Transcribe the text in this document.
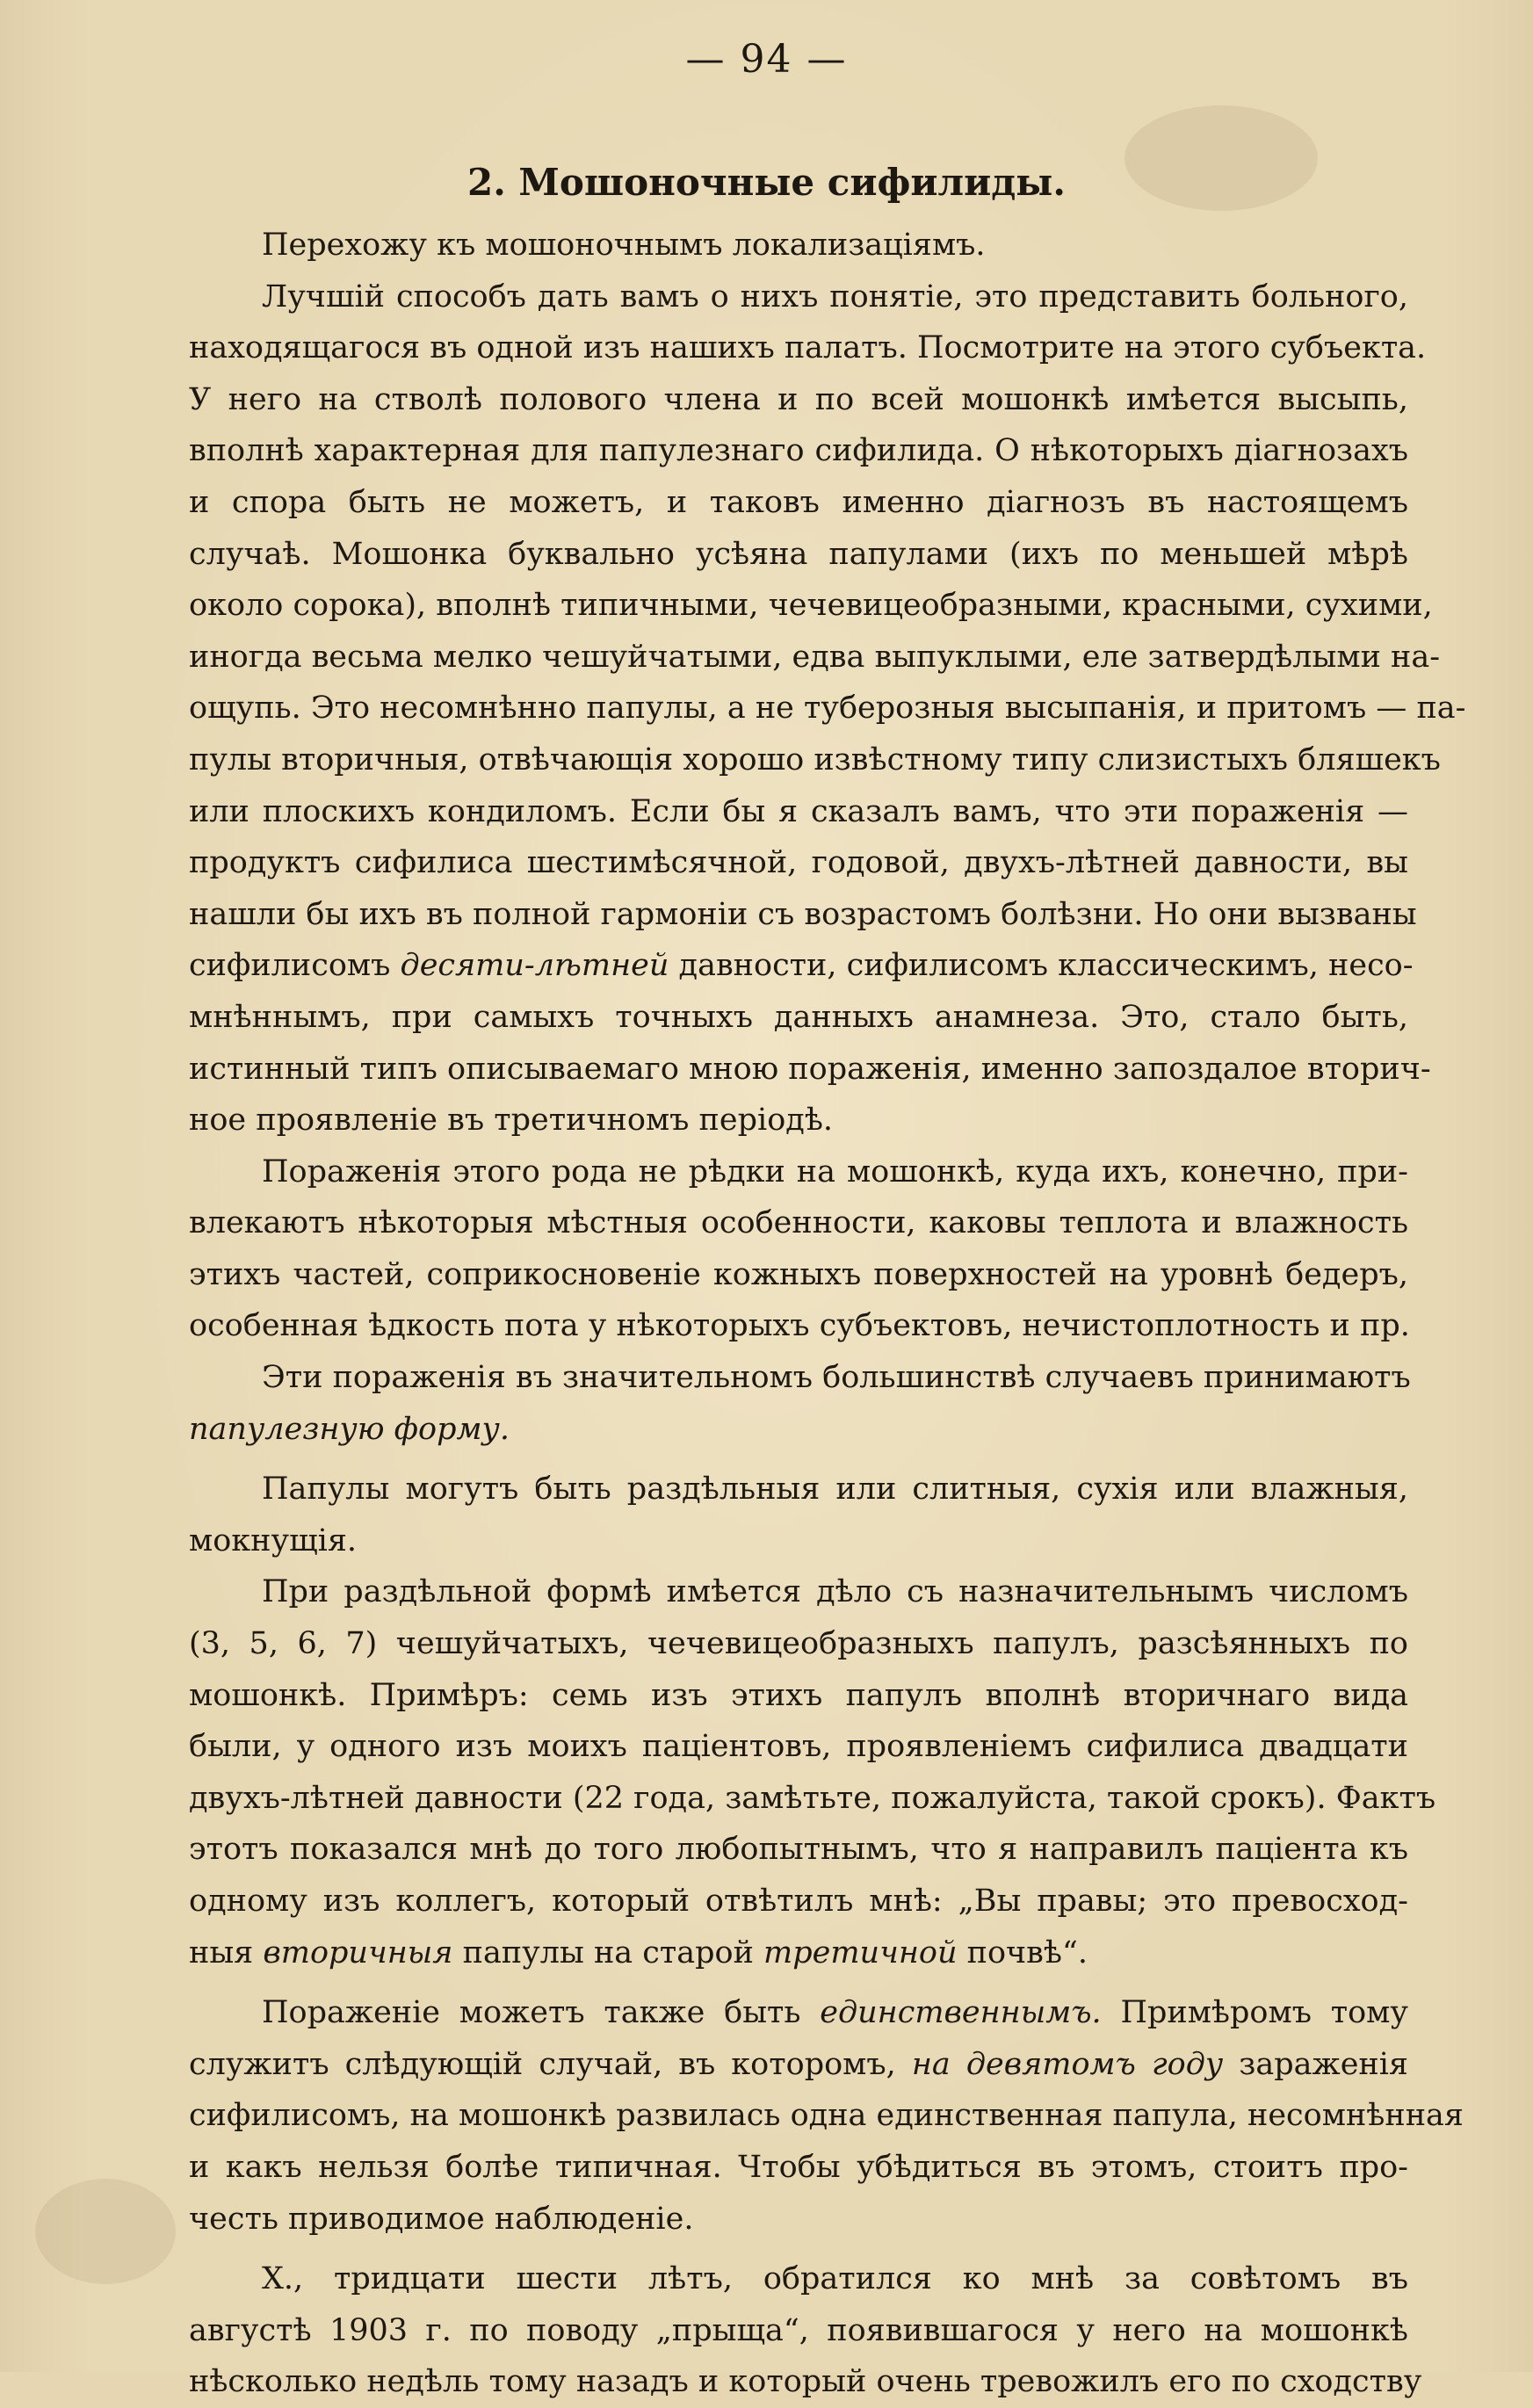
— 94 —
2. Мошоночные сифилиды.
Перехожу къ мошоночнымъ локализаціямъ.
Лучшій способъ дать вамъ о нихъ понятіе, это представить больного,
находящагося въ одной изъ нашихъ палатъ. Посмотрите на этого субъекта.
У него на стволѣ полового члена и по всей мошонкѣ имѣется высыпь,
вполнѣ характерная для папулезнаго сифилида. О нѣкоторыхъ діагнозахъ
и спора быть не можетъ, и таковъ именно діагнозъ въ настоящемъ
случаѣ. Мошонка буквально усѣяна папулами (ихъ по меньшей мѣрѣ
около сорока), вполнѣ типичными, чечевицеобразными, красными, сухими,
иногда весьма мелко чешуйчатыми, едва выпуклыми, еле затвердѣлыми на-
ощупь. Это несомнѣнно папулы, а не туберозныя высыпанія, и притомъ — па-
пулы вторичныя, отвѣчающія хорошо извѣстному типу слизистыхъ бляшекъ
или плоскихъ кондиломъ. Если бы я сказалъ вамъ, что эти пораженія —
продуктъ сифилиса шестимѣсячной, годовой, двухъ-лѣтней давности, вы
нашли бы ихъ въ полной гармоніи съ возрастомъ болѣзни. Но они вызваны
сифилисомъ десяти-лѣтней давности, сифилисомъ классическимъ, несо-
мнѣннымъ, при самыхъ точныхъ данныхъ анамнеза. Это, стало быть,
истинный типъ описываемаго мною пораженія, именно запоздалое вторич-
ное проявленіе въ третичномъ періодѣ.
Пораженія этого рода не рѣдки на мошонкѣ, куда ихъ, конечно, при-
влекаютъ нѣкоторыя мѣстныя особенности, каковы теплота и влажность
этихъ частей, соприкосновеніе кожныхъ поверхностей на уровнѣ бедеръ,
особенная ѣдкость пота у нѣкоторыхъ субъектовъ, нечистоплотность и пр.
Эти пораженія въ значительномъ большинствѣ случаевъ принимаютъ
папулезную форму.
Папулы могутъ быть раздѣльныя или слитныя, сухія или влажныя,
мокнущія.
При раздѣльной формѣ имѣется дѣло съ назначительнымъ числомъ
(3, 5, 6, 7) чешуйчатыхъ, чечевицеобразныхъ папулъ, разсѣянныхъ по
мошонкѣ. Примѣръ: семь изъ этихъ папулъ вполнѣ вторичнаго вида
были, у одного изъ моихъ паціентовъ, проявленіемъ сифилиса двадцати
двухъ-лѣтней давности (22 года, замѣтьте, пожалуйста, такой срокъ). Фактъ
этотъ показался мнѣ до того любопытнымъ, что я направилъ паціента къ
одному изъ коллегъ, который отвѣтилъ мнѣ: „Вы правы; это превосход-
ныя вторичныя папулы на старой третичной почвѣ“.
Пораженіе можетъ также быть единственнымъ. Примѣромъ тому
служитъ слѣдующій случай, въ которомъ, на девятомъ году зараженія
сифилисомъ, на мошонкѣ развилась одна единственная папула, несомнѣнная
и какъ нельзя болѣе типичная. Чтобы убѣдиться въ этомъ, стоитъ про-
честь приводимое наблюденіе.
X., тридцати шести лѣтъ, обратился ко мнѣ за совѣтомъ въ
августѣ 1903 г. по поводу „прыща“, появившагося у него на мошонкѣ
нѣсколько недѣль тому назадъ и который очень тревожилъ его по сходству
